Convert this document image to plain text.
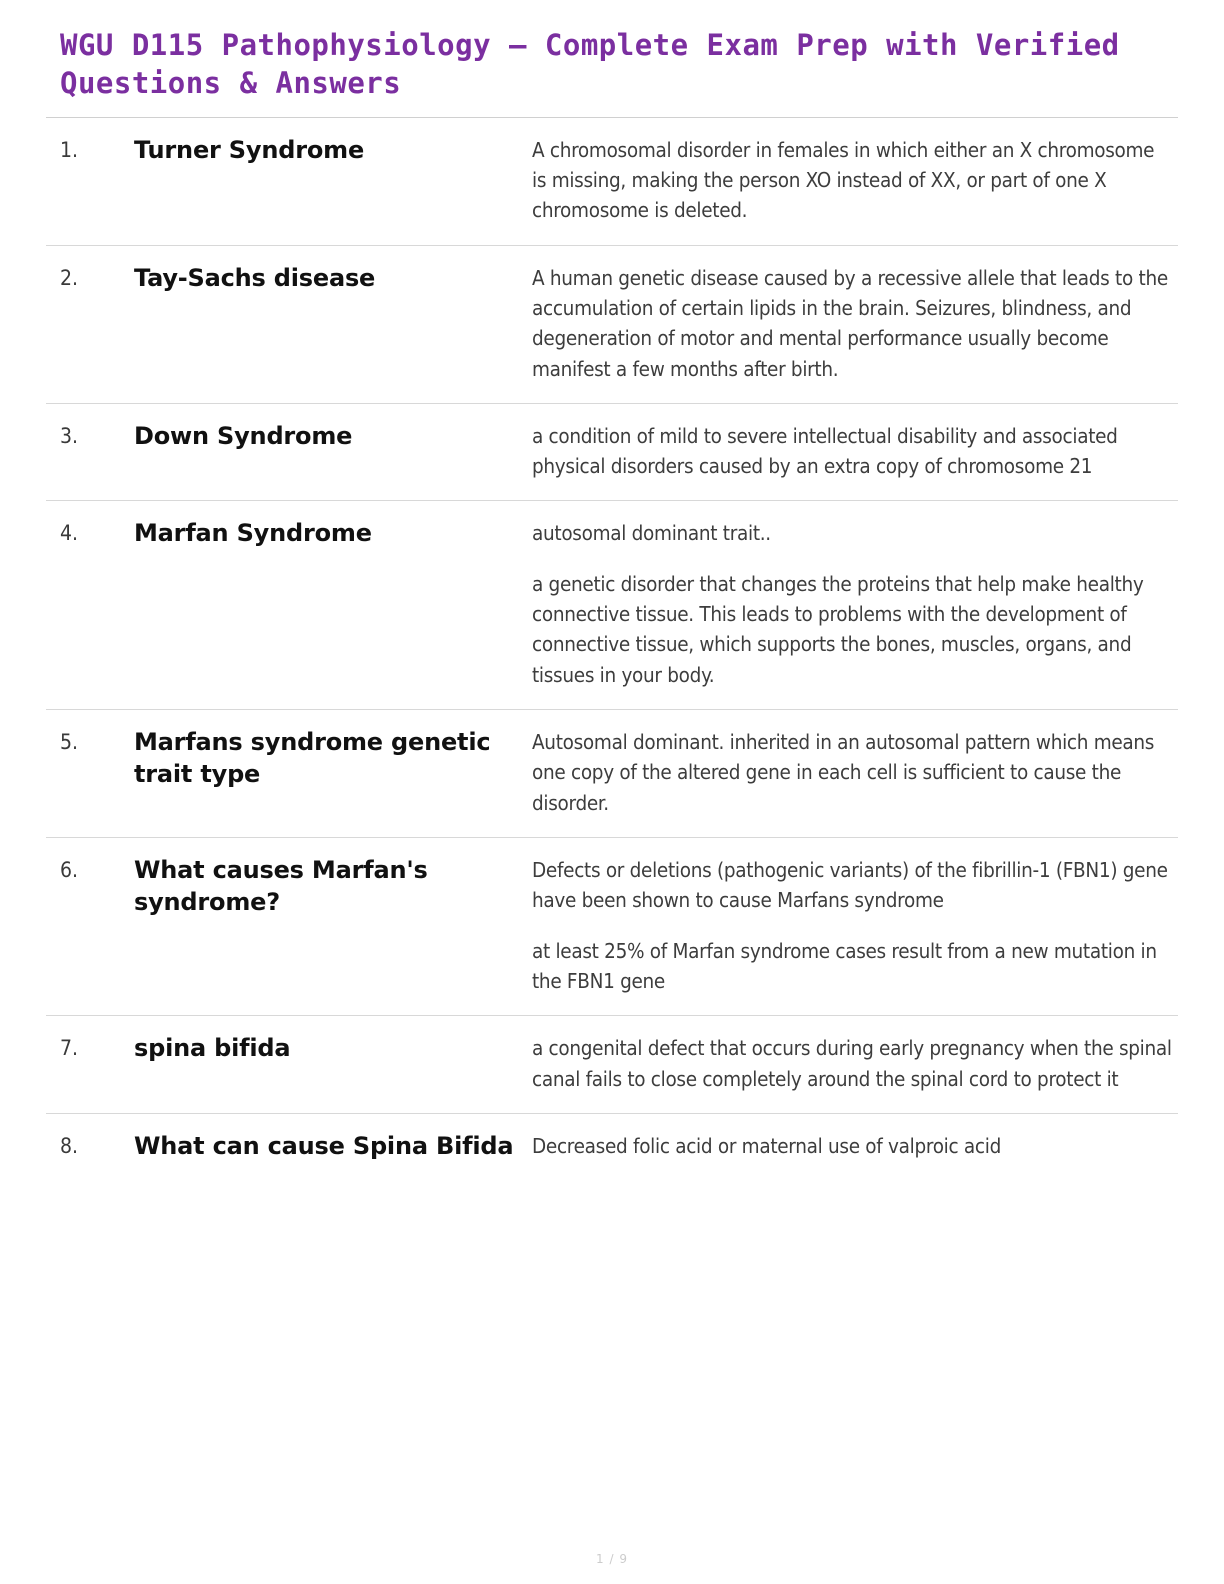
WGU D115 Pathophysiology — Complete Exam Prep with Verified Questions & Answers
1.	Turner Syndrome	A chromosomal disorder in females in which either an X chromosome is missing, making the person XO instead of XX, or part of one X chromosome is deleted.

2.	Tay-Sachs disease	A human genetic disease caused by a recessive allele that leads to the accumulation of certain lipids in the brain. Seizures, blindness, and degeneration of motor and mental performance usually become manifest a few months after birth.

3.	Down Syndrome	a condition of mild to severe intellectual disability and associated physical disorders caused by an extra copy of chromosome 21

4.	Marfan Syndrome	autosomal dominant trait..

a genetic disorder that changes the proteins that help make healthy connective tissue. This leads to problems with the development of connective tissue, which supports the bones, muscles, organs, and tissues in your body.

5.	Marfans syndrome genetic trait type	Autosomal dominant. inherited in an autosomal pattern which means one copy of the altered gene in each cell is sufficient to cause the disorder.

6.	What causes Marfan's syndrome?	Defects or deletions (pathogenic variants) of the fibrillin-1 (FBN1) gene have been shown to cause Marfans syndrome

at least 25% of Marfan syndrome cases result from a new mutation in the FBN1 gene

7.	spina bifida	a congenital defect that occurs during early pregnancy when the spinal canal fails to close completely around the spinal cord to protect it

8.	What can cause Spina Bifida	Decreased folic acid or maternal use of valproic acid

1 / 9
